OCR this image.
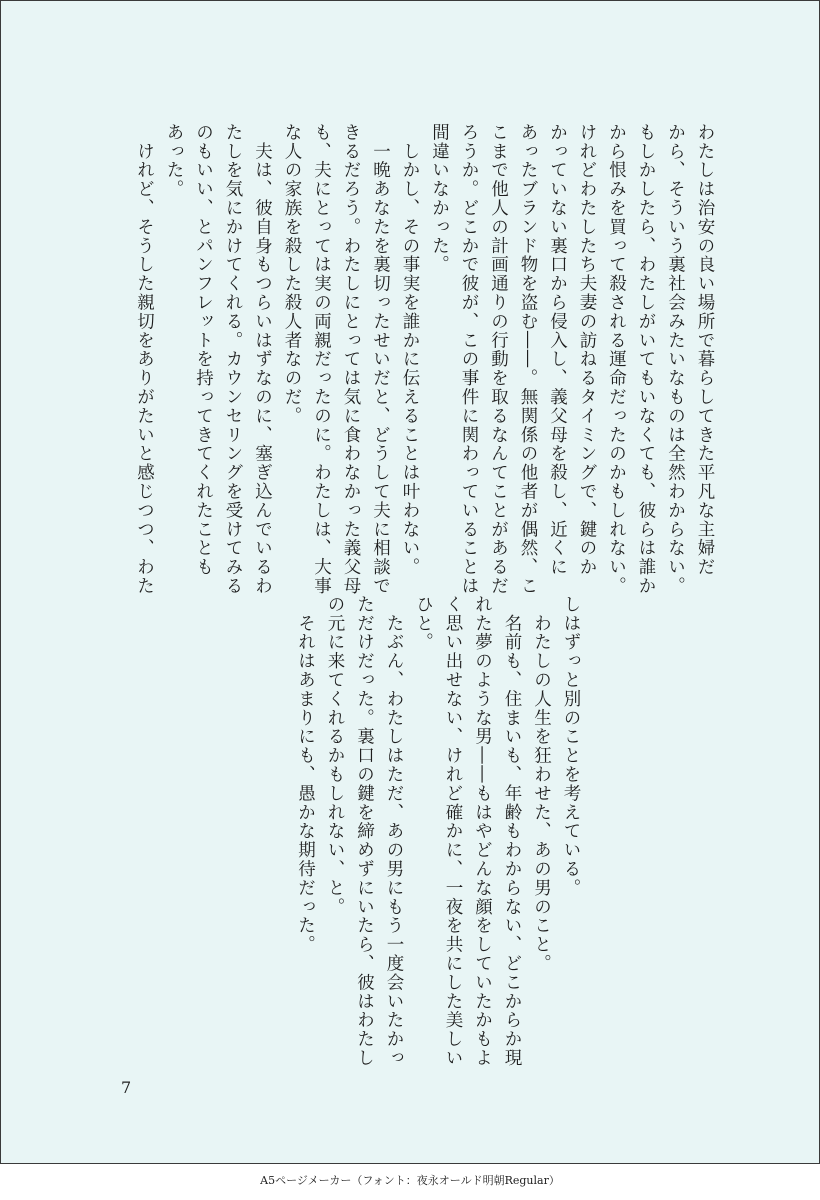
わたしは治安の良い場所で暮らしてきた平凡な主婦だ
から、そういう裏社会みたいなものは全然わからない。
もしかしたら、わたしがいてもいなくても、彼らは誰か
から恨みを買って殺される運命だったのかもしれない。
けれどわたしたち夫妻の訪ねるタイミングで、鍵のか
かっていない裏口から侵入し、義父母を殺し、近くに
あったブランド物を盗む――。無関係の他者が偶然、こ
こまで他人の計画通りの行動を取るなんてことがあるだ
ろうか。どこかで彼が、この事件に関わっていることは
間違いなかった。
　しかし、その事実を誰かに伝えることは叶わない。
　一晩あなたを裏切ったせいだと、どうして夫に相談で
きるだろう。わたしにとっては気に食わなかった義父母
も、夫にとっては実の両親だったのに。わたしは、大事
な人の家族を殺した殺人者なのだ。
　夫は、彼自身もつらいはずなのに、塞ぎ込んでいるわ
たしを気にかけてくれる。カウンセリングを受けてみる
のもいい、とパンフレットを持ってきてくれたことも
あった。
　けれど、そうした親切をありがたいと感じつつ、わた
しはずっと別のことを考えている。
　わたしの人生を狂わせた、あの男のこと。
　名前も、住まいも、年齢もわからない、どこからか現
れた夢のような男――もはやどんな顔をしていたかもよ
く思い出せない、けれど確かに、一夜を共にした美しい
ひと。
　たぶん、わたしはただ、あの男にもう一度会いたかっ
ただけだった。裏口の鍵を締めずにいたら、彼はわたし
の元に来てくれるかもしれない、と。
　それはあまりにも、愚かな期待だった。
7
A5ページメーカー（フォント：夜永オールド明朝Regular）
